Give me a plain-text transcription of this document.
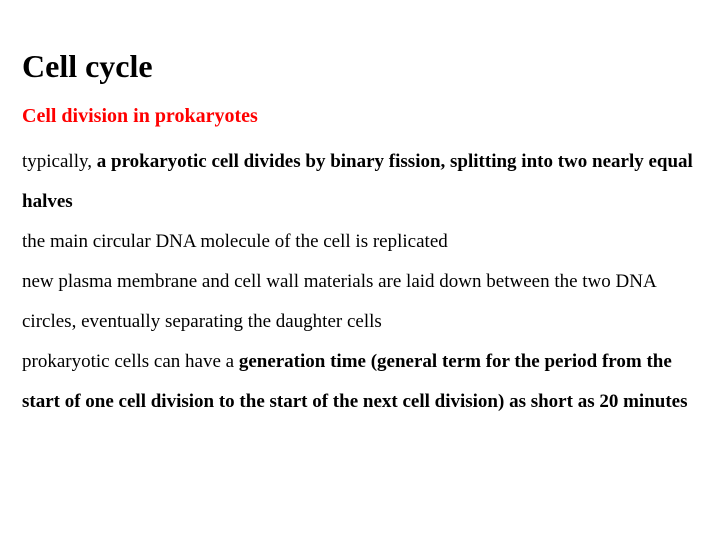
Cell cycle
Cell division in prokaryotes

typically, a prokaryotic cell divides by binary fission, splitting into two nearly equal halves

the main circular DNA molecule of the cell is replicated

new plasma membrane and cell wall materials are laid down between the two DNA circles, eventually separating the daughter cells

prokaryotic cells can have a generation time (general term for the period from the start of one cell division to the start of the next cell division) as short as 20 minutes
